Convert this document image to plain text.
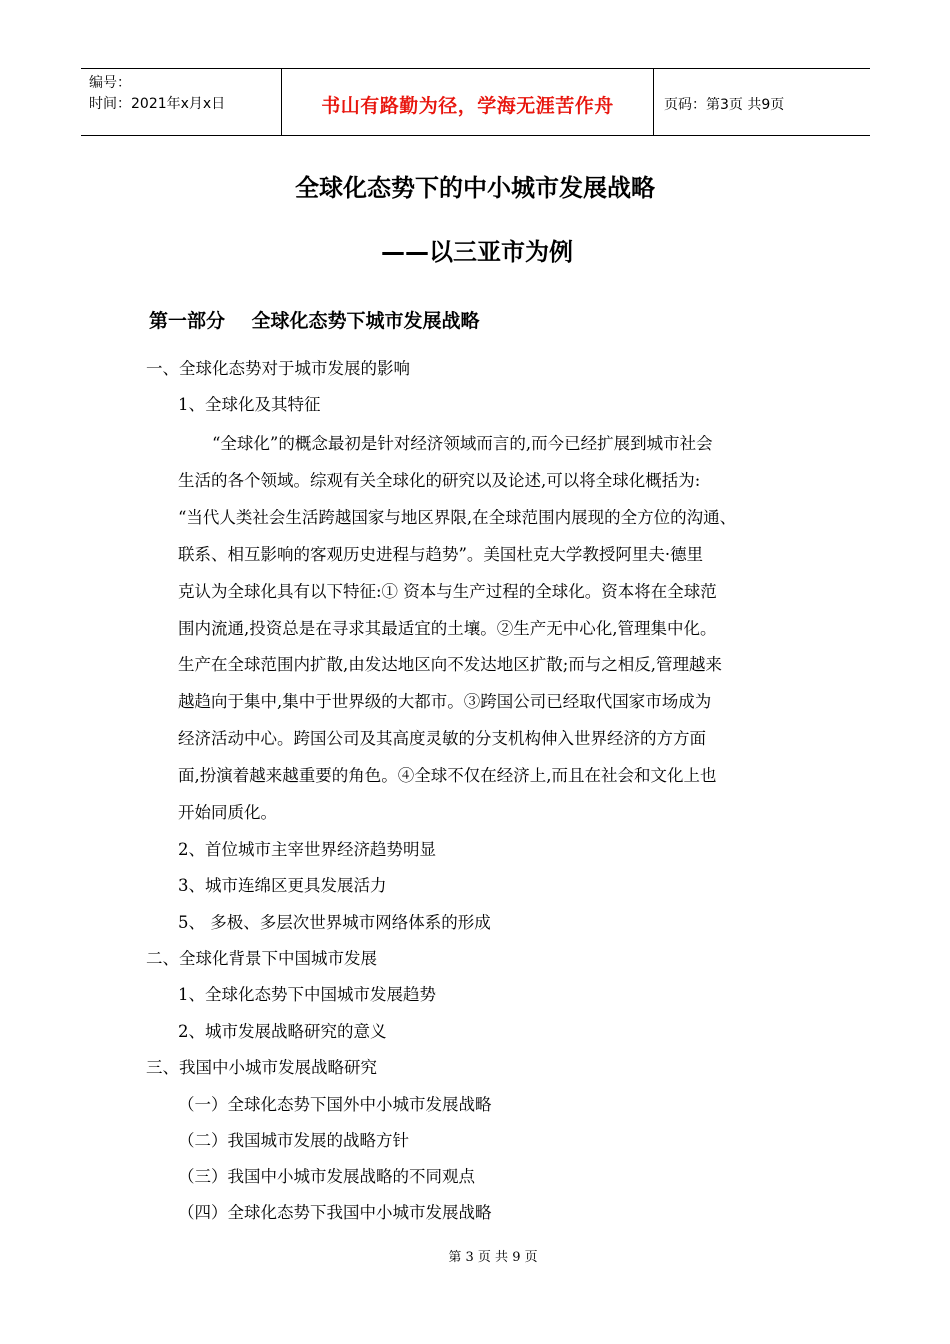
编号：
时间：2021年x月x日	书山有路勤为径，学海无涯苦作舟	页码：第3页 共9页
全球化态势下的中小城市发展战略
——以三亚市为例
第一部分    全球化态势下城市发展战略
一、全球化态势对于城市发展的影响
1、全球化及其特征
“全球化”的概念最初是针对经济领域而言的,而今已经扩展到城市社会
生活的各个领域。综观有关全球化的研究以及论述,可以将全球化概括为:
“当代人类社会生活跨越国家与地区界限,在全球范围内展现的全方位的沟通、
联系、相互影响的客观历史进程与趋势”。美国杜克大学教授阿里夫·德里
克认为全球化具有以下特征:① 资本与生产过程的全球化。资本将在全球范
围内流通,投资总是在寻求其最适宜的土壤。②生产无中心化,管理集中化。
生产在全球范围内扩散,由发达地区向不发达地区扩散;而与之相反,管理越来
越趋向于集中,集中于世界级的大都市。③跨国公司已经取代国家市场成为
经济活动中心。跨国公司及其高度灵敏的分支机构伸入世界经济的方方面
面,扮演着越来越重要的角色。④全球不仅在经济上,而且在社会和文化上也
开始同质化。
2、首位城市主宰世界经济趋势明显
3、城市连绵区更具发展活力
5、 多极、多层次世界城市网络体系的形成
二、全球化背景下中国城市发展
1、全球化态势下中国城市发展趋势
2、城市发展战略研究的意义
三、我国中小城市发展战略研究
（一）全球化态势下国外中小城市发展战略
（二）我国城市发展的战略方针
（三）我国中小城市发展战略的不同观点
（四）全球化态势下我国中小城市发展战略
第 3 页 共 9 页
